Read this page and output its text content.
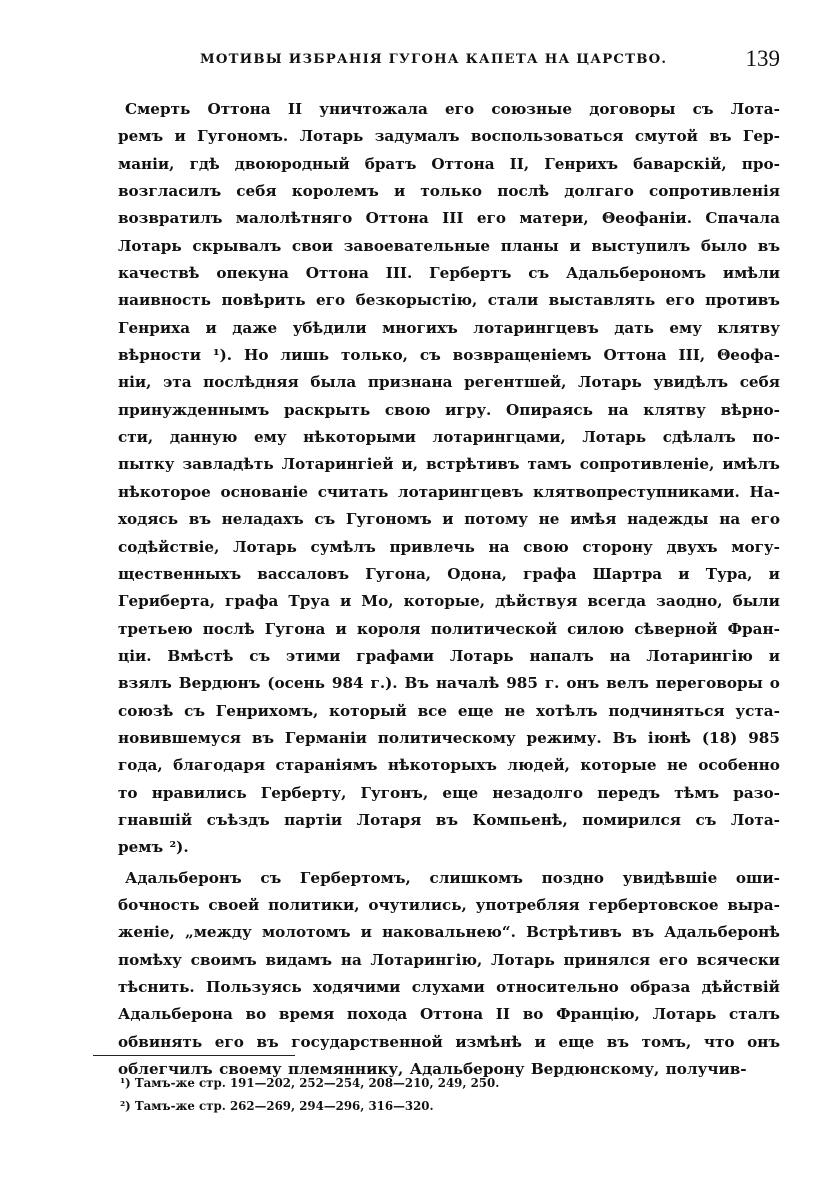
МОТИВЫ ИЗБРАНІЯ ГУГОНА КАПЕТА НА ЦАРСТВО.	139
Смерть Оттона II уничтожала его союзные договоры съ Лота-
ремъ и Гугономъ. Лотарь задумалъ воспользоваться смутой въ Гер-
маніи, гдѣ двоюродный братъ Оттона II, Генрихъ баварскій, про-
возгласилъ себя королемъ и только послѣ долгаго сопротивленія
возвратилъ малолѣтняго Оттона III его матери, Θеофаніи. Спачала
Лотарь скрывалъ свои завоевательные планы и выступилъ было въ
качествѣ опекуна Оттона III. Гербертъ съ Адальберономъ имѣли
наивность повѣрить его безкорыстію, стали выставлять его противъ
Генриха и даже убѣдили многихъ лотарингцевъ дать ему клятву
вѣрности ¹). Но лишь только, съ возвращеніемъ Оттона III, Θеофа-
ніи, эта послѣдняя была признана регентшей, Лотарь увидѣлъ себя
принужденнымъ раскрыть свою игру. Опираясь на клятву вѣрно-
сти, данную ему нѣкоторыми лотарингцами, Лотарь сдѣлалъ по-
пытку завладѣть Лотарингіей и, встрѣтивъ тамъ сопротивленіе, имѣлъ
нѣкоторое основаніе считать лотарингцевъ клятвопреступниками. На-
ходясь въ неладахъ съ Гугономъ и потому не имѣя надежды на его
содѣйствіе, Лотарь сумѣлъ привлечь на свою сторону двухъ могу-
щественныхъ вассаловъ Гугона, Одона, графа Шартра и Тура, и
Гериберта, графа Труа и Мо, которые, дѣйствуя всегда заодно, были
третьею послѣ Гугона и короля политической силою сѣверной Фран-
ціи. Вмѣстѣ съ этими графами Лотарь напалъ на Лотарингію и
взялъ Вердюнъ (осень 984 г.). Въ началѣ 985 г. онъ велъ переговоры о
союзѣ съ Генрихомъ, который все еще не хотѣлъ подчиняться уста-
новившемуся въ Германіи политическому режиму. Въ іюнѣ (18) 985
года, благодаря стараніямъ нѣкоторыхъ людей, которые не особенно
то нравились Герберту, Гугонъ, еще незадолго передъ тѣмъ разо-
гнавшій съѣздъ партіи Лотаря въ Компьенѣ, помирился съ Лота-
ремъ ²).
Адальберонъ съ Гербертомъ, слишкомъ поздно увидѣвшіе оши-
бочность своей политики, очутились, употребляя гербертовское выра-
женіе, „между молотомъ и наковальнею“. Встрѣтивъ въ Адальберонѣ
помѣху своимъ видамъ на Лотарингію, Лотарь принялся его всячески
тѣснить. Пользуясь ходячими слухами относительно образа дѣйствій
Адальберона во время похода Оттона II во Францію, Лотарь сталъ
обвинять его въ государственной измѣнѣ и еще въ томъ, что онъ
облегчилъ своему племяннику, Адальберону Вердюнскому, получив-
¹) Тамъ-же стр. 191—202, 252—254, 208—210, 249, 250.
²) Тамъ-же стр. 262—269, 294—296, 316—320.
